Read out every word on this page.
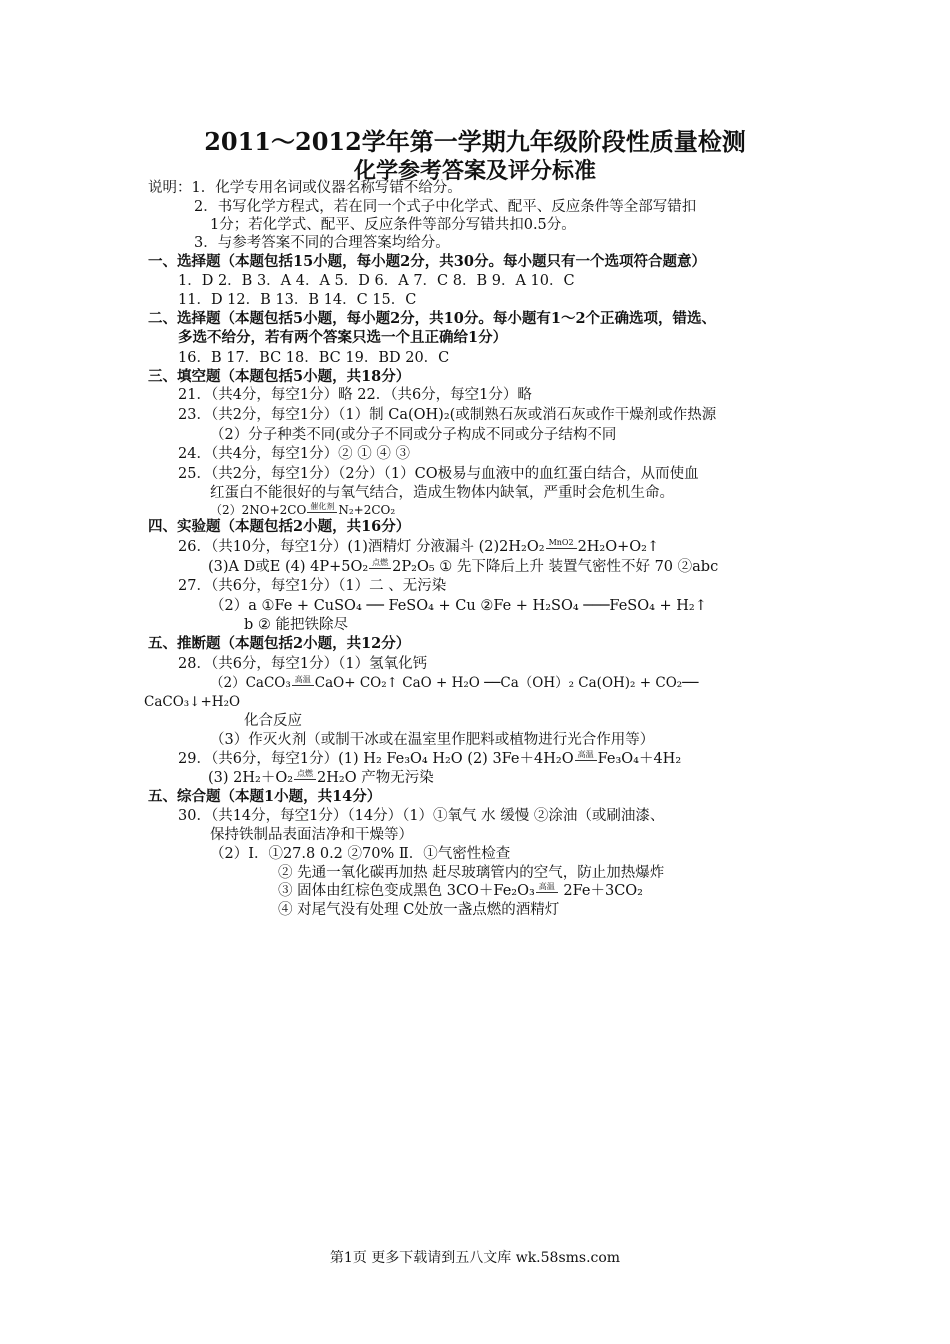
2011～2012学年第一学期九年级阶段性质量检测
化学参考答案及评分标准
说明：1．化学专用名词或仪器名称写错不给分。
2．书写化学方程式，若在同一个式子中化学式、配平、反应条件等全部写错扣
1分；若化学式、配平、反应条件等部分写错共扣0.5分。
3．与参考答案不同的合理答案均给分。
一、选择题（本题包括15小题，每小题2分，共30分。每小题只有一个选项符合题意）
1．D 2．B 3．A 4．A 5．D 6．A 7．C 8．B 9．A 10．C
11．D 12．B 13．B 14．C 15．C
二、选择题（本题包括5小题，每小题2分，共10分。每小题有1～2个正确选项，错选、
多选不给分，若有两个答案只选一个且正确给1分）
16．B 17．BC 18．BC 19．BD 20．C
三、填空题（本题包括5小题，共18分）
21．（共4分，每空1分）略 22．（共6分，每空1分）略
23．（共2分，每空1分）（1）制 Ca(OH)₂(或制熟石灰或消石灰或作干燥剂或作热源
（2）分子种类不同(或分子不同或分子构成不同或分子结构不同
24．（共4分，每空1分）② ① ④ ③
25．（共2分，每空1分）（2分）（1）CO极易与血液中的血红蛋白结合，从而使血
红蛋白不能很好的与氧气结合，造成生物体内缺氧，严重时会危机生命。
（2）2NO+2CO 催化剂 N₂+2CO₂
四、实验题（本题包括2小题，共16分）
26．（共10分，每空1分）(1)酒精灯 分液漏斗 (2)2H₂O₂ MnO2 2H₂O+O₂↑
(3)A D或E (4) 4P+5O₂ 点燃 2P₂O₅ ① 先下降后上升 装置气密性不好 70 ②abc
27．（共6分，每空1分）（1）二 、无污染
（2）a ①Fe + CuSO₄ ── FeSO₄ + Cu ②Fe + H₂SO₄ ───FeSO₄ + H₂↑
b ② 能把铁除尽
五、推断题（本题包括2小题，共12分）
28．（共6分，每空1分）（1）氢氧化钙
（2）CaCO₃ 高温 CaO+ CO₂↑ CaO + H₂O ──Ca（OH）₂ Ca(OH)₂ + CO₂──
CaCO₃↓+H₂O
化合反应
（3）作灭火剂（或制干冰或在温室里作肥料或植物进行光合作用等）
29．（共6分，每空1分）(1) H₂ Fe₃O₄ H₂O (2) 3Fe＋4H₂O 高温 Fe₃O₄＋4H₂
(3) 2H₂＋O₂ 点燃 2H₂O 产物无污染
五、综合题（本题1小题，共14分）
30．（共14分，每空1分）（14分）（1）①氧气 水 缓慢 ②涂油（或刷油漆、
保持铁制品表面洁净和干燥等）
（2）Ⅰ．①27.8 0.2 ②70% Ⅱ．①气密性检查
② 先通一氧化碳再加热 赶尽玻璃管内的空气，防止加热爆炸
③ 固体由红棕色变成黑色 3CO＋Fe₂O₃ 高温 2Fe＋3CO₂
④ 对尾气没有处理 C处放一盏点燃的酒精灯
第1页 更多下载请到五八文库 wk.58sms.com
